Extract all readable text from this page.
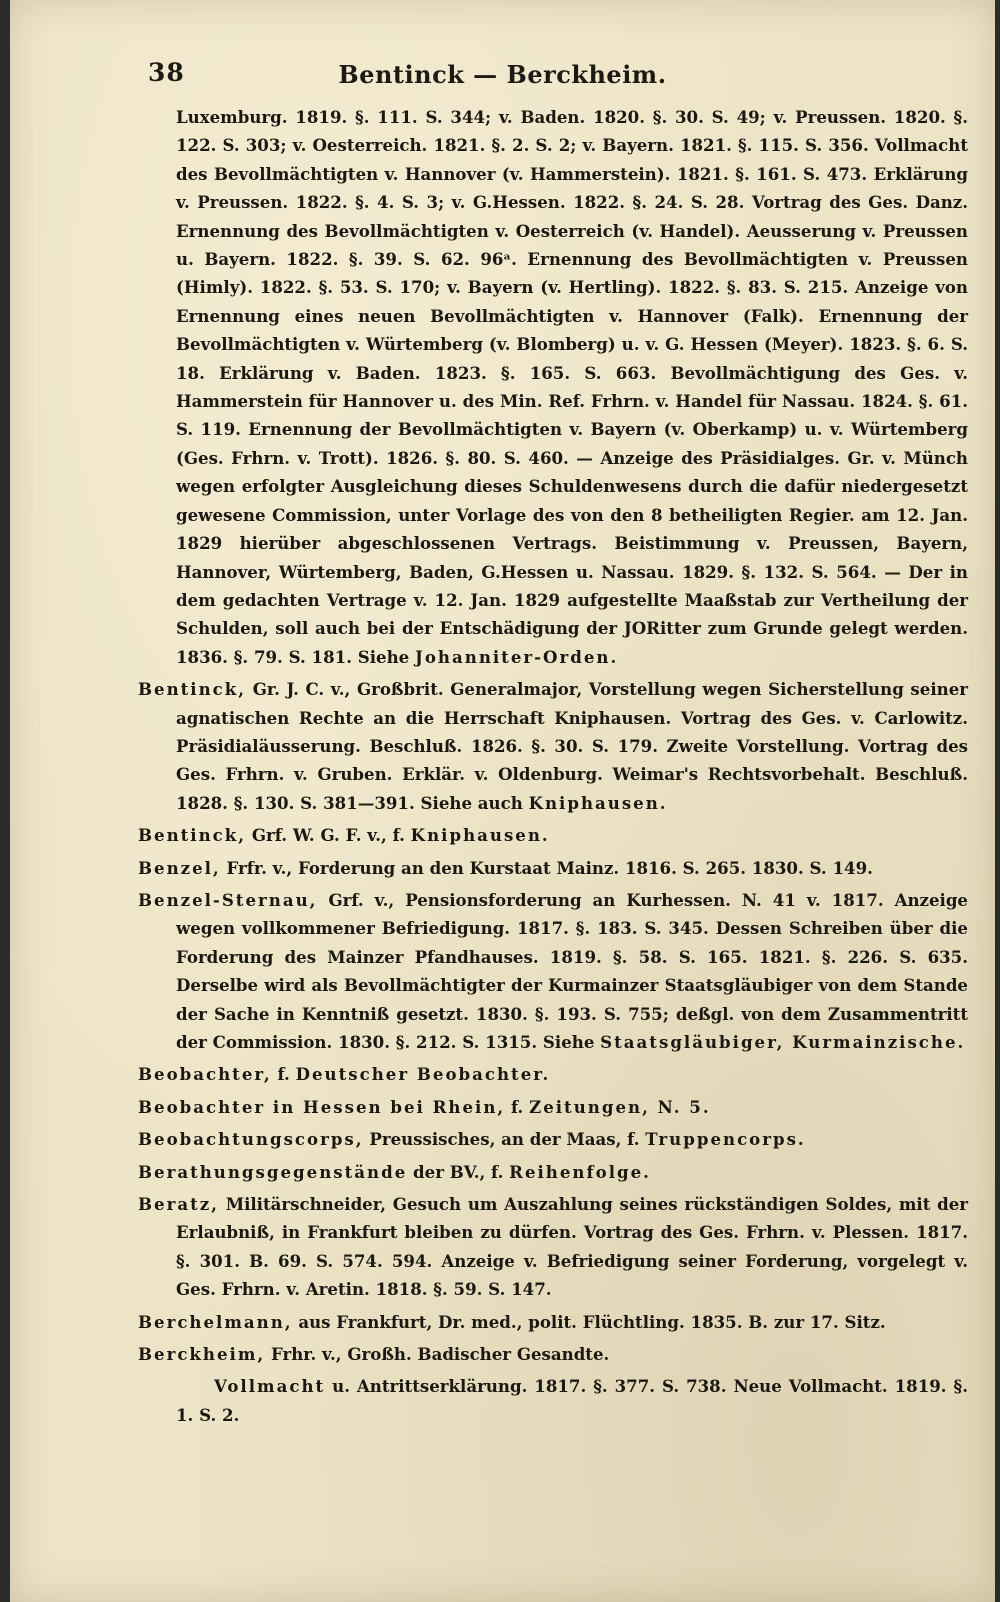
38	Bentinck — Berckheim.

Luxemburg. 1819. §. 111. S. 344; v. Baden. 1820. §. 30. S. 49; v. Preussen. 1820. §. 122. S. 303; v. Oesterreich. 1821. §. 2. S. 2; v. Bayern. 1821. §. 115. S. 356. Vollmacht des Bevollmächtigten v. Hannover (v. Hammerstein). 1821. §. 161. S. 473. Erklärung v. Preussen. 1822. §. 4. S. 3; v. G.Hessen. 1822. §. 24. S. 28. Vortrag des Ges. Danz. Ernennung des Bevollmächtigten v. Oesterreich (v. Handel). Aeusserung v. Preussen u. Bayern. 1822. §. 39. S. 62. 96ᵃ. Ernennung des Bevollmächtigten v. Preussen (Himly). 1822. §. 53. S. 170; v. Bayern (v. Hertling). 1822. §. 83. S. 215. Anzeige von Ernennung eines neuen Bevollmächtigten v. Hannover (Falk). Ernennung der Bevollmächtigten v. Würtemberg (v. Blomberg) u. v. G. Hessen (Meyer). 1823. §. 6. S. 18. Erklärung v. Baden. 1823. §. 165. S. 663. Bevollmächtigung des Ges. v. Hammerstein für Hannover u. des Min. Ref. Frhrn. v. Handel für Nassau. 1824. §. 61. S. 119. Ernennung der Bevollmächtigten v. Bayern (v. Oberkamp) u. v. Würtemberg (Ges. Frhrn. v. Trott). 1826. §. 80. S. 460. — Anzeige des Präsidialges. Gr. v. Münch wegen erfolgter Ausgleichung dieses Schuldenwesens durch die dafür niedergesetzt gewesene Commission, unter Vorlage des von den 8 betheiligten Regier. am 12. Jan. 1829 hierüber abgeschlossenen Vertrags. Beistimmung v. Preussen, Bayern, Hannover, Würtemberg, Baden, G.Hessen u. Nassau. 1829. §. 132. S. 564. — Der in dem gedachten Vertrage v. 12. Jan. 1829 aufgestellte Maaßstab zur Vertheilung der Schulden, soll auch bei der Entschädigung der JORitter zum Grunde gelegt werden. 1836. §. 79. S. 181. Siehe Johanniter-Orden.

Bentinck, Gr. J. C. v., Großbrit. Generalmajor, Vorstellung wegen Sicherstellung seiner agnatischen Rechte an die Herrschaft Kniphausen. Vortrag des Ges. v. Carlowitz. Präsidialäusserung. Beschluß. 1826. §. 30. S. 179. Zweite Vorstellung. Vortrag des Ges. Frhrn. v. Gruben. Erklär. v. Oldenburg. Weimar's Rechtsvorbehalt. Beschluß. 1828. §. 130. S. 381—391. Siehe auch Kniphausen.

Bentinck, Grf. W. G. F. v., f. Kniphausen.

Benzel, Frfr. v., Forderung an den Kurstaat Mainz. 1816. S. 265. 1830. S. 149.

Benzel-Sternau, Grf. v., Pensionsforderung an Kurhessen. N. 41 v. 1817. Anzeige wegen vollkommener Befriedigung. 1817. §. 183. S. 345. Dessen Schreiben über die Forderung des Mainzer Pfandhauses. 1819. §. 58. S. 165. 1821. §. 226. S. 635. Derselbe wird als Bevollmächtigter der Kurmainzer Staatsgläubiger von dem Stande der Sache in Kenntniß gesetzt. 1830. §. 193. S. 755; deßgl. von dem Zusammentritt der Commission. 1830. §. 212. S. 1315. Siehe Staatsgläubiger, Kurmainzische.

Beobachter, f. Deutscher Beobachter.

Beobachter in Hessen bei Rhein, f. Zeitungen, N. 5.

Beobachtungscorps, Preussisches, an der Maas, f. Truppencorps.

Berathungsgegenstände der BV., f. Reihenfolge.

Beratz, Militärschneider, Gesuch um Auszahlung seines rückständigen Soldes, mit der Erlaubniß, in Frankfurt bleiben zu dürfen. Vortrag des Ges. Frhrn. v. Plessen. 1817. §. 301. B. 69. S. 574. 594. Anzeige v. Befriedigung seiner Forderung, vorgelegt v. Ges. Frhrn. v. Aretin. 1818. §. 59. S. 147.

Berchelmann, aus Frankfurt, Dr. med., polit. Flüchtling. 1835. B. zur 17. Sitz.

Berckheim, Frhr. v., Großh. Badischer Gesandte.

Vollmacht u. Antrittserklärung. 1817. §. 377. S. 738. Neue Vollmacht. 1819. §. 1. S. 2.
